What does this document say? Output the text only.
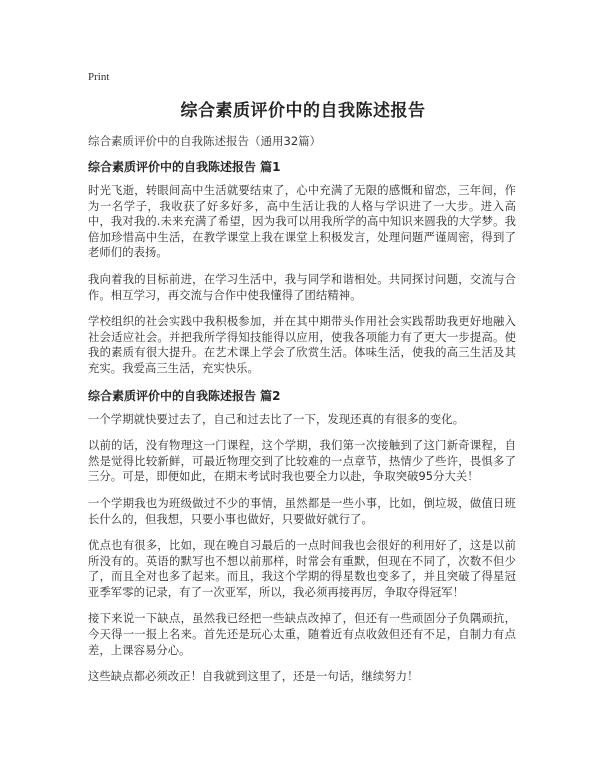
Print
综合素质评价中的自我陈述报告

综合素质评价中的自我陈述报告（通用32篇）

综合素质评价中的自我陈述报告 篇1

时光飞逝，转眼间高中生活就要结束了，心中充满了无限的感慨和留恋，三年间，作为一名学子，我收获了好多好多，高中生活让我的人格与学识进了一大步。进入高中，我对我的.未来充满了希望，因为我可以用我所学的高中知识来圆我的大学梦。我倍加珍惜高中生活，在教学课堂上我在课堂上积极发言，处理问题严谨周密，得到了老师们的表扬。

我向着我的目标前进，在学习生活中，我与同学和谐相处。共同探讨问题，交流与合作。相互学习，再交流与合作中使我懂得了团结精神。

学校组织的社会实践中我积极参加，并在其中期带头作用社会实践帮助我更好地融入社会适应社会。并把我所学得知技能得以应用，使我各项能力有了更大一步提高。使我的素质有很大提升。在艺术课上学会了欣赏生活。体味生活，使我的高三生活及其充实。我爱高三生活，充实快乐。

综合素质评价中的自我陈述报告 篇2

一个学期就快要过去了，自己和过去比了一下，发现还真的有很多的变化。

以前的话，没有物理这一门课程，这个学期，我们第一次接触到了这门新奇课程，自然是觉得比较新鲜，可最近物理交到了比较难的一点章节，热情少了些许，畏惧多了三分。可是，即便如此，在期末考试时我也要全力以赴，争取突破95分大关！

一个学期我也为班级做过不少的事情，虽然都是一些小事，比如，倒垃圾，做值日班长什么的，但我想，只要小事也做好，只要做好就行了。

优点也有很多，比如，现在晚自习最后的一点时间我也会很好的利用好了，这是以前所没有的。英语的默写也不想以前那样，时常会有重默，但现在不同了，次数不但少了，而且全对也多了起来。而且，我这个学期的得星数也变多了，并且突破了得星冠亚季军零的记录，有了一次亚军，所以，我必须再接再厉，争取夺得冠军！

接下来说一下缺点，虽然我已经把一些缺点改掉了，但还有一些顽固分子负隅顽抗，今天得一一报上名来。首先还是玩心太重，随着近有点收敛但还有不足，自制力有点差，上课容易分心。

这些缺点都必须改正！自我就到这里了，还是一句话，继续努力！
